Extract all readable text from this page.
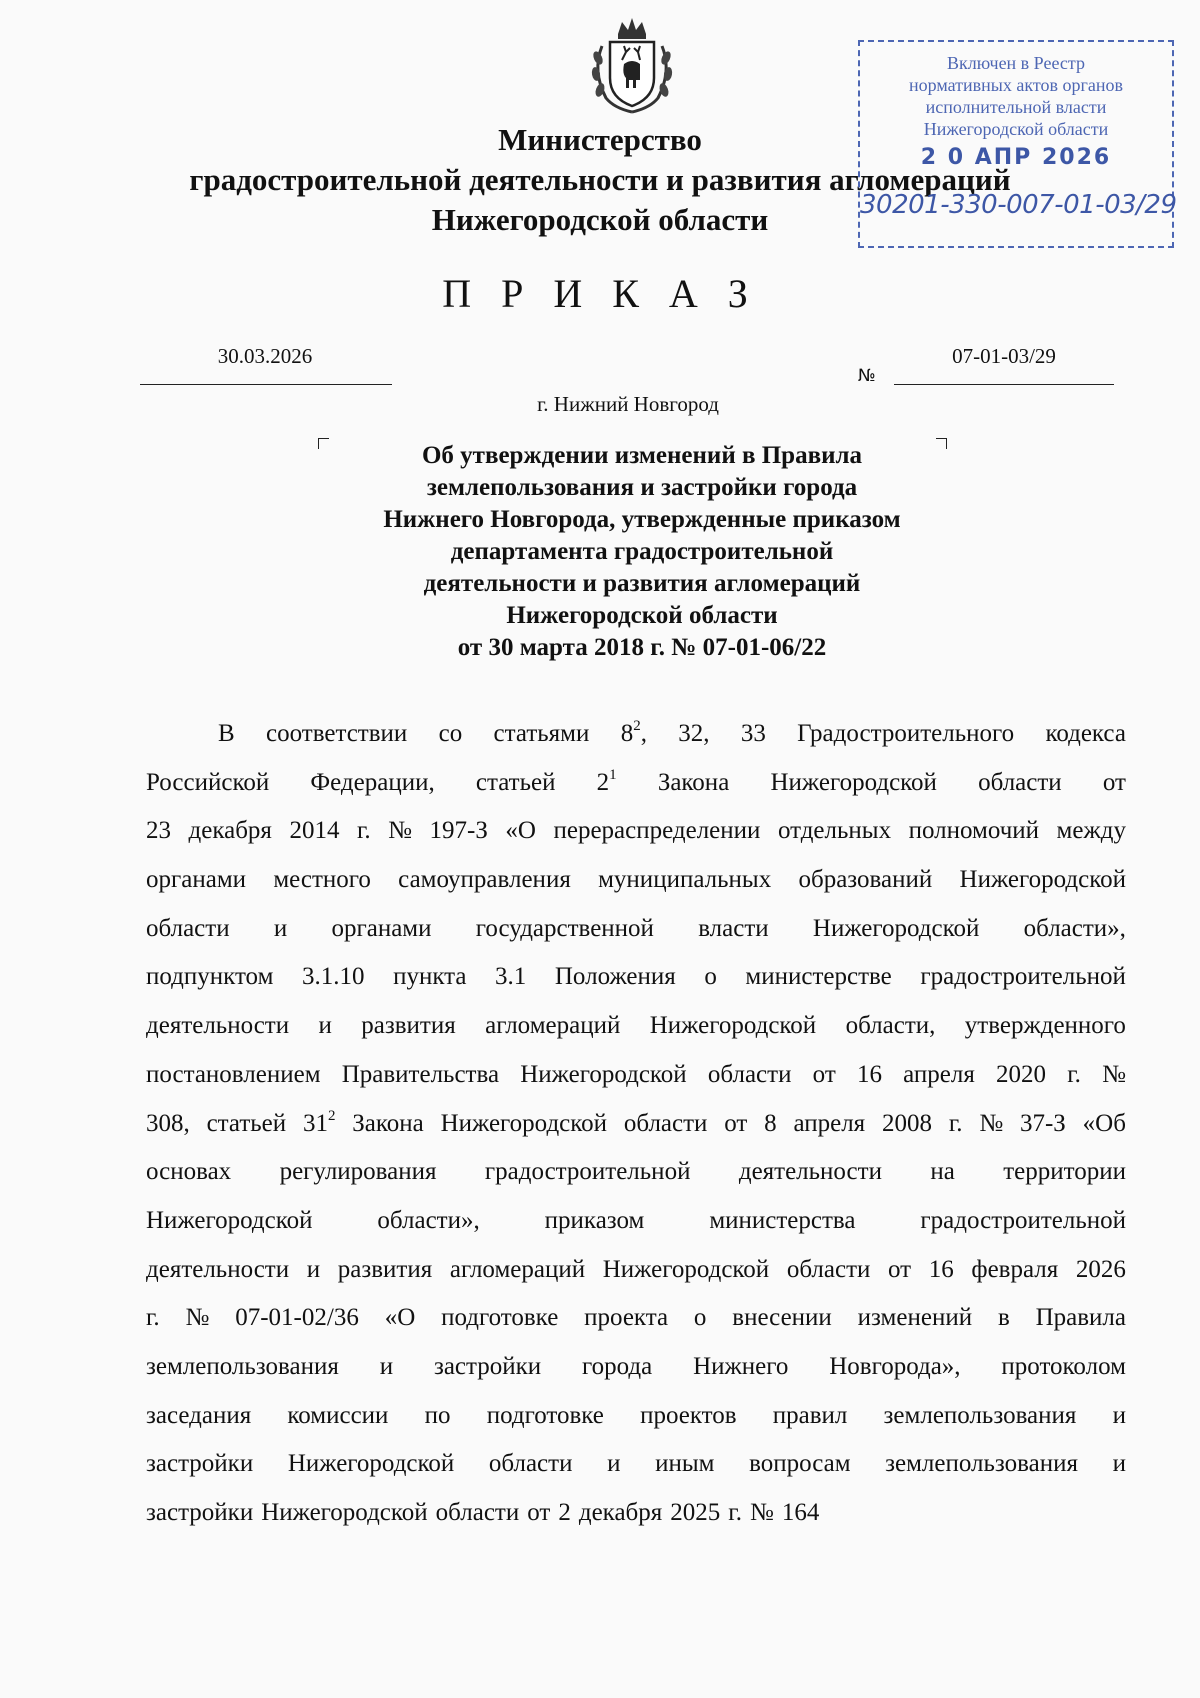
Министерство
градостроительной деятельности и развития агломераций
Нижегородской области
Включен в Реестр
нормативных актов органов
исполнительной власти
Нижегородской области
2 0 АПР 2026
30201-330-007-01-03/29
П Р И К А З
30.03.2026
№
07-01-03/29
г. Нижний Новгород
Об утверждении изменений в Правила
землепользования и застройки города
Нижнего Новгорода, утвержденные приказом
департамента градостроительной
деятельности и развития агломераций
Нижегородской области
от 30 марта 2018 г. № 07-01-06/22
В соответствии со статьями $8^2$, 32, 33 Градостроительного кодекса
Российской Федерации, статьей $2^1$ Закона Нижегородской области от
23 декабря 2014 г. № 197-З «О перераспределении отдельных полномочий между
органами местного самоуправления муниципальных образований Нижегородской
области и органами государственной власти Нижегородской области»,
подпунктом 3.1.10 пункта 3.1 Положения о министерстве градостроительной
деятельности и развития агломераций Нижегородской области, утвержденного
постановлением Правительства Нижегородской области от 16 апреля 2020 г. №
308, статьей $31^2$ Закона Нижегородской области от 8 апреля 2008 г. № 37-З «Об
основах регулирования градостроительной деятельности на территории
Нижегородской	области»,	приказом	министерства	градостроительной
деятельности и развития агломераций Нижегородской области от 16 февраля 2026
г. № 07-01-02/36 «О подготовке проекта о внесении изменений в Правила
землепользования и застройки города Нижнего Новгорода», протоколом
заседания комиссии по подготовке проектов правил землепользования и
застройки Нижегородской области и иным вопросам землепользования и
застройки Нижегородской области от 2 декабря 2025 г. № 164
